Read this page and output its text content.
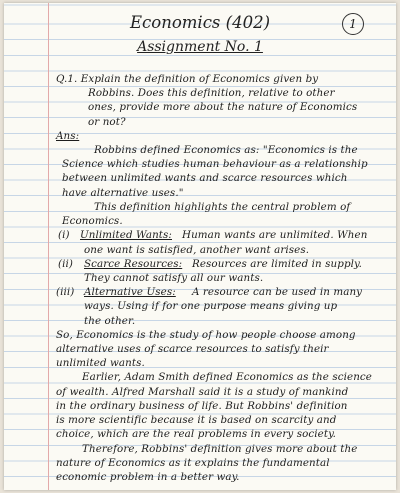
Economics (402)
Assignment No. 1
1
Q.1. Explain the definition of Economics given by
Robbins. Does this definition, relative to other
ones, provide more about the nature of Economics
or not?
Ans:
Robbins defined Economics as: "Economics is the
Science which studies human behaviour as a relationship
between unlimited wants and scarce resources which
have alternative uses."
This definition highlights the central problem of
Economics.
(i) Unlimited Wants: Human wants are unlimited. When
one want is satisfied, another want arises.
(ii) Scarce Resources: Resources are limited in supply.
They cannot satisfy all our wants.
(iii) Alternative Uses: A resource can be used in many
ways. Using if for one purpose means giving up
the other.
So, Economics is the study of how people choose among
alternative uses of scarce resources to satisfy their
unlimited wants.
Earlier, Adam Smith defined Economics as the science
of wealth. Alfred Marshall said it is a study of mankind
in the ordinary business of life. But Robbins' definition
is more scientific because it is based on scarcity and
choice, which are the real problems in every society.
Therefore, Robbins' definition gives more about the
nature of Economics as it explains the fundamental
economic problem in a better way.
